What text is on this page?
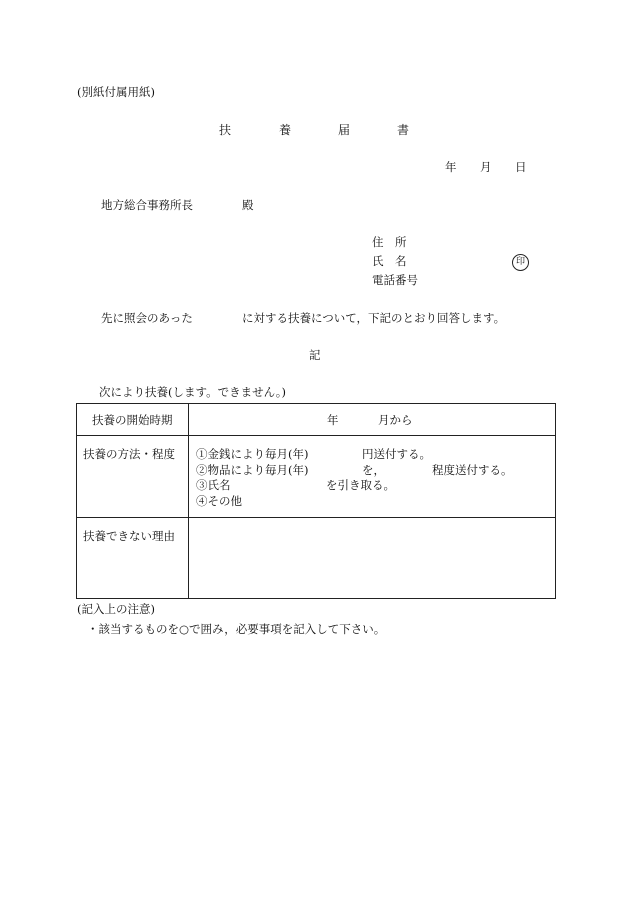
(別紙付属用紙)
扶	養	届	書
年 月 日
地方総合事務所長	殿
住　所
氏　名	印
電話番号
先に照会のあった	に対する扶養について，下記のとおり回答します。
記
次により扶養(します。できません。)
扶養の開始時期	年	月から
扶養の方法・程度 ①金銭により毎月(年)	円送付する。
②物品により毎月(年)	を，	程度送付する。
③氏名	を引き取る。
④その他
扶養できない理由
(記入上の注意)
・該当するものを○で囲み，必要事項を記入して下さい。
